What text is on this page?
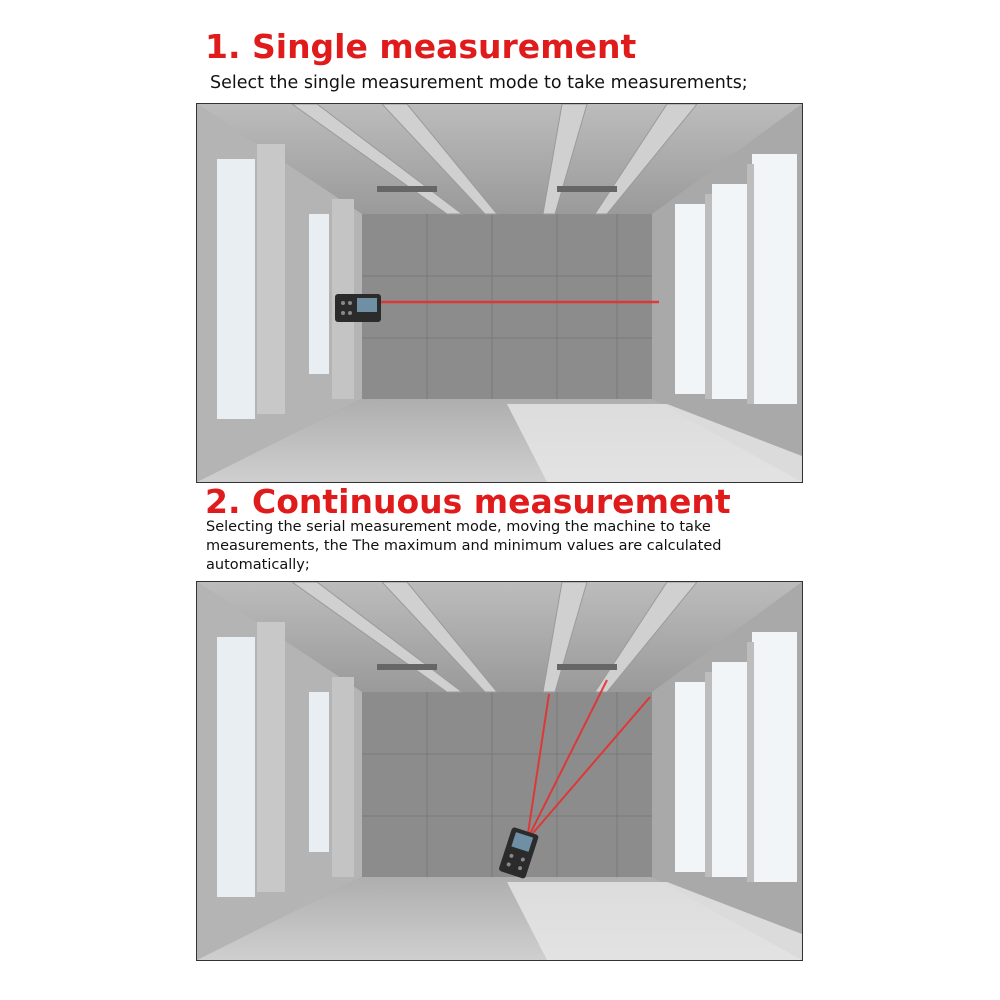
1. Single measurement
Select the single measurement mode to take measurements;
2. Continuous measurement
Selecting the serial measurement mode, moving the machine to take measurements, the The maximum and minimum values are calculated automatically;
